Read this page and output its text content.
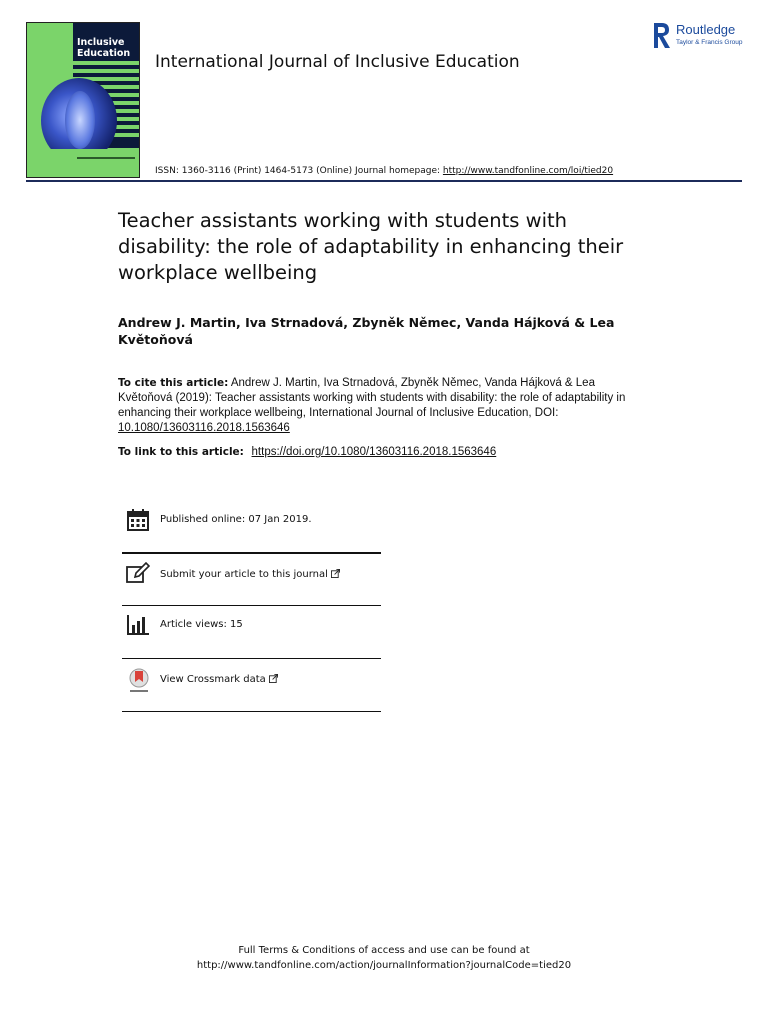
Inclusive
Education	International Journal of Inclusive Education
ISSN: 1360-3116 (Print) 1464-5173 (Online) Journal homepage: http://www.tandfonline.com/loi/tied20
Routledge
Taylor & Francis Group
Teacher assistants working with students with disability: the role of adaptability in enhancing their workplace wellbeing
Andrew J. Martin, Iva Strnadová, Zbyněk Němec, Vanda Hájková & Lea Květoňová
To cite this article: Andrew J. Martin, Iva Strnadová, Zbyněk Němec, Vanda Hájková & Lea Květoňová (2019): Teacher assistants working with students with disability: the role of adaptability in enhancing their workplace wellbeing, International Journal of Inclusive Education, DOI: 10.1080/13603116.2018.1563646
To link to this article: https://doi.org/10.1080/13603116.2018.1563646
Published online: 07 Jan 2019.
Submit your article to this journal
Article views: 15
View Crossmark data
Full Terms & Conditions of access and use can be found at
http://www.tandfonline.com/action/journalInformation?journalCode=tied20
